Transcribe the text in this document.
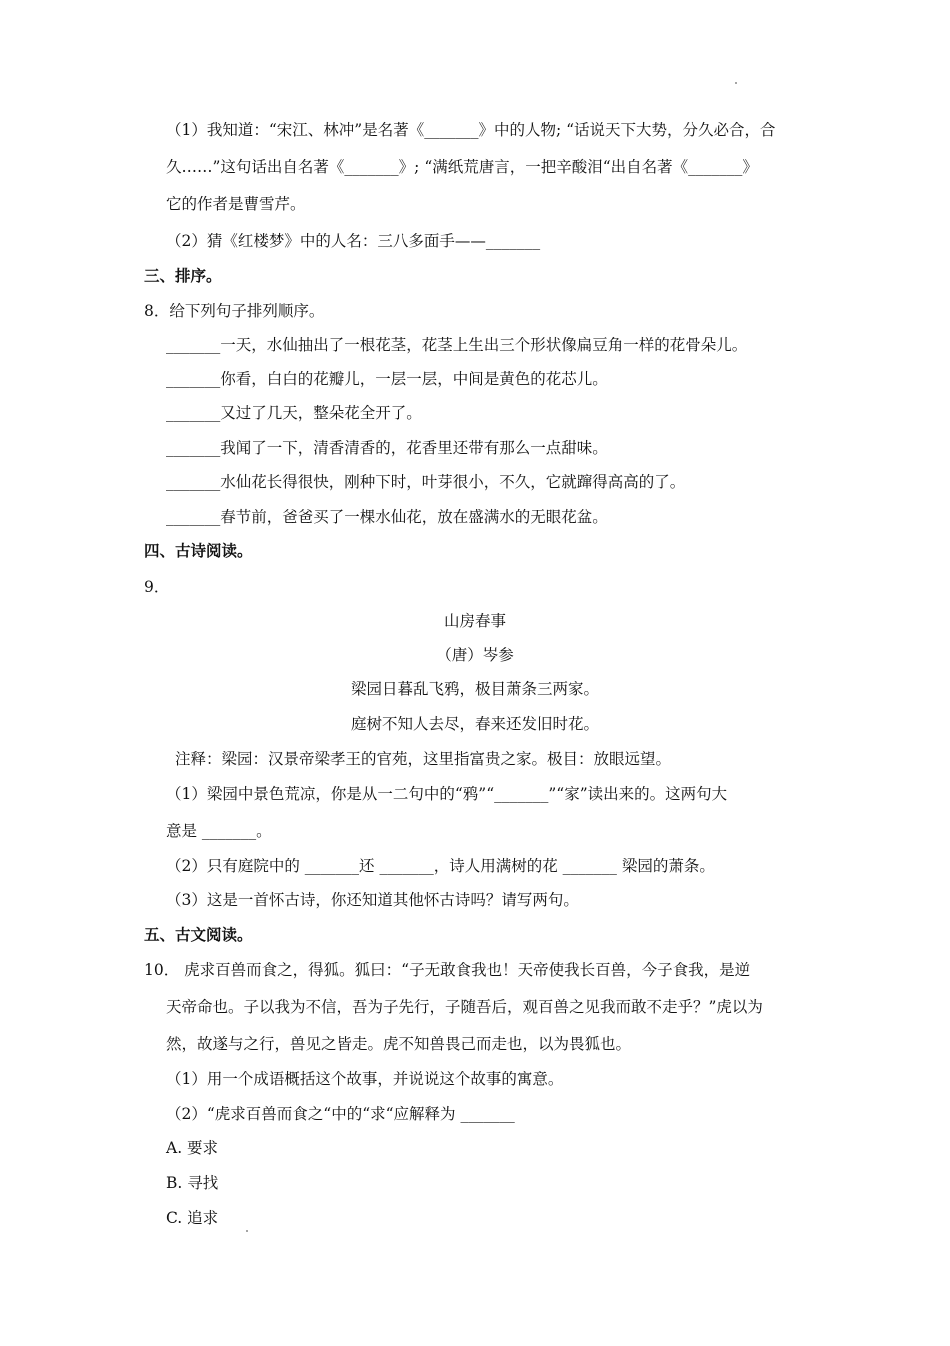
（1）我知道：“宋江、林冲”是名著《_______》中的人物; “话说天下大势，分久必合，合
久……”这句话出自名著《_______》; “满纸荒唐言，一把辛酸泪“出自名著《_______》
它的作者是曹雪芹。
（2）猜《红楼梦》中的人名：三八多面手——_______
三、排序。
8．给下列句子排列顺序。
_______一天，水仙抽出了一根花茎，花茎上生出三个形状像扁豆角一样的花骨朵儿。
_______你看，白白的花瓣儿，一层一层，中间是黄色的花芯儿。
_______又过了几天，整朵花全开了。
_______我闻了一下，清香清香的，花香里还带有那么一点甜味。
_______水仙花长得很快，刚种下时，叶芽很小，不久，它就蹿得高高的了。
_______春节前，爸爸买了一棵水仙花，放在盛满水的无眼花盆。
四、古诗阅读。
9．
山房春事
（唐）岑参
梁园日暮乱飞鸦，极目萧条三两家。
庭树不知人去尽，春来还发旧时花。
注释：梁园：汉景帝梁孝王的官苑，这里指富贵之家。极目：放眼远望。
（1）梁园中景色荒凉，你是从一二句中的“鸦”“_______”“家”读出来的。这两句大
意是 _______。
（2）只有庭院中的 _______还 _______，诗人用满树的花 _______ 梁园的萧条。
（3）这是一首怀古诗，你还知道其他怀古诗吗？请写两句。
五、古文阅读。
10． 虎求百兽而食之，得狐。狐曰：“子无敢食我也！天帝使我长百兽，今子食我，是逆
天帝命也。子以我为不信，吾为子先行，子随吾后，观百兽之见我而敢不走乎？”虎以为
然，故遂与之行，兽见之皆走。虎不知兽畏己而走也，以为畏狐也。
（1）用一个成语概括这个故事，并说说这个故事的寓意。
（2）“虎求百兽而食之“中的“求“应解释为 _______
A. 要求
B. 寻找
C. 追求
